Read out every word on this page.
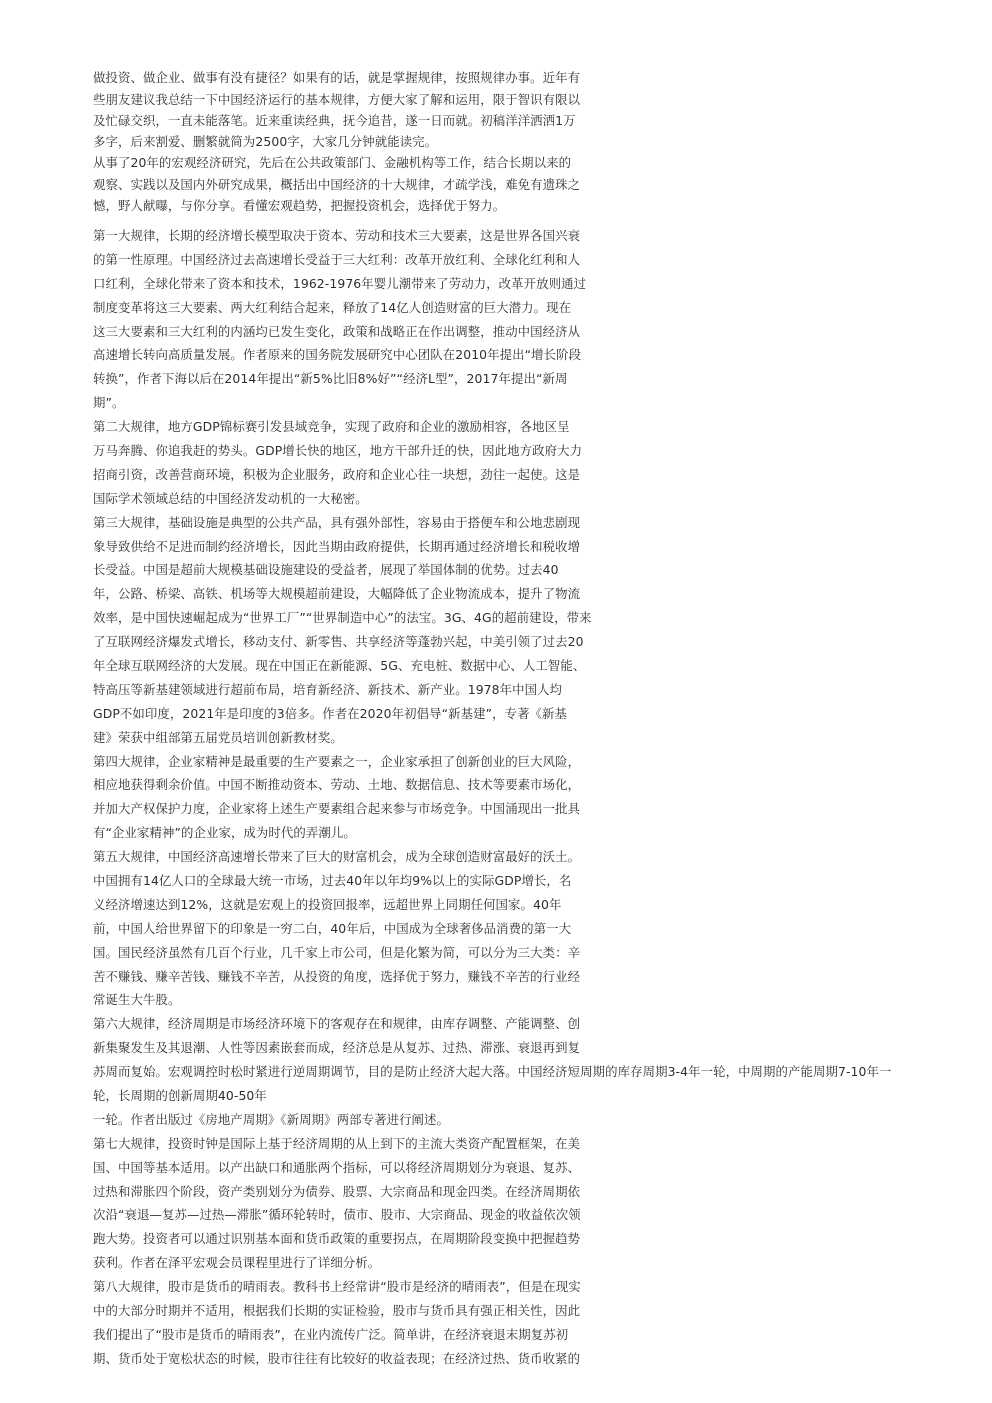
做投资、做企业、做事有没有捷径？如果有的话，就是掌握规律，按照规律办事。近年有
些朋友建议我总结一下中国经济运行的基本规律，方便大家了解和运用，限于智识有限以
及忙碌交织，一直未能落笔。近来重读经典，抚今追昔，遂一日而就。初稿洋洋洒洒1万
多字，后来割爱、删繁就简为2500字，大家几分钟就能读完。
从事了20年的宏观经济研究，先后在公共政策部门、金融机构等工作，结合长期以来的
观察、实践以及国内外研究成果，概括出中国经济的十大规律，才疏学浅，难免有遗珠之
憾，野人献曝，与你分享。看懂宏观趋势，把握投资机会，选择优于努力。
第一大规律，长期的经济增长模型取决于资本、劳动和技术三大要素，这是世界各国兴衰
的第一性原理。中国经济过去高速增长受益于三大红利：改革开放红利、全球化红利和人
口红利，全球化带来了资本和技术，1962-1976年婴儿潮带来了劳动力，改革开放则通过
制度变革将这三大要素、两大红利结合起来，释放了14亿人创造财富的巨大潜力。现在
这三大要素和三大红利的内涵均已发生变化，政策和战略正在作出调整，推动中国经济从
高速增长转向高质量发展。作者原来的国务院发展研究中心团队在2010年提出“增长阶段
转换”，作者下海以后在2014年提出“新5%比旧8%好”“经济L型”，2017年提出“新周
期”。
第二大规律，地方GDP锦标赛引发县域竞争，实现了政府和企业的激励相容，各地区呈
万马奔腾、你追我赶的势头。GDP增长快的地区，地方干部升迁的快，因此地方政府大力
招商引资，改善营商环境，积极为企业服务，政府和企业心往一块想，劲往一起使。这是
国际学术领域总结的中国经济发动机的一大秘密。
第三大规律，基础设施是典型的公共产品，具有强外部性，容易由于搭便车和公地悲剧现
象导致供给不足进而制约经济增长，因此当期由政府提供，长期再通过经济增长和税收增
长受益。中国是超前大规模基础设施建设的受益者，展现了举国体制的优势。过去40
年，公路、桥梁、高铁、机场等大规模超前建设，大幅降低了企业物流成本，提升了物流
效率，是中国快速崛起成为“世界工厂”“世界制造中心”的法宝。3G、4G的超前建设，带来
了互联网经济爆发式增长，移动支付、新零售、共享经济等蓬勃兴起，中美引领了过去20
年全球互联网经济的大发展。现在中国正在新能源、5G、充电桩、数据中心、人工智能、
特高压等新基建领域进行超前布局，培育新经济、新技术、新产业。1978年中国人均
GDP不如印度，2021年是印度的3倍多。作者在2020年初倡导“新基建”，专著《新基
建》荣获中组部第五届党员培训创新教材奖。
第四大规律，企业家精神是最重要的生产要素之一，企业家承担了创新创业的巨大风险，
相应地获得剩余价值。中国不断推动资本、劳动、土地、数据信息、技术等要素市场化，
并加大产权保护力度，企业家将上述生产要素组合起来参与市场竞争。中国涌现出一批具
有“企业家精神”的企业家，成为时代的弄潮儿。
第五大规律，中国经济高速增长带来了巨大的财富机会，成为全球创造财富最好的沃土。
中国拥有14亿人口的全球最大统一市场，过去40年以年均9%以上的实际GDP增长，名
义经济增速达到12%，这就是宏观上的投资回报率，远超世界上同期任何国家。40年
前，中国人给世界留下的印象是一穷二白，40年后，中国成为全球奢侈品消费的第一大
国。国民经济虽然有几百个行业，几千家上市公司，但是化繁为简，可以分为三大类：辛
苦不赚钱、赚辛苦钱、赚钱不辛苦，从投资的角度，选择优于努力，赚钱不辛苦的行业经
常诞生大牛股。
第六大规律，经济周期是市场经济环境下的客观存在和规律，由库存调整、产能调整、创
新集聚发生及其退潮、人性等因素嵌套而成，经济总是从复苏、过热、滞涨、衰退再到复
苏周而复始。宏观调控时松时紧进行逆周期调节，目的是防止经济大起大落。中国经济短周期的库存周期3-4年一轮，中周期的产能周期7-10年一
轮，长周期的创新周期40-50年
一轮。作者出版过《房地产周期》《新周期》两部专著进行阐述。
第七大规律，投资时钟是国际上基于经济周期的从上到下的主流大类资产配置框架，在美
国、中国等基本适用。以产出缺口和通胀两个指标，可以将经济周期划分为衰退、复苏、
过热和滞胀四个阶段，资产类别划分为债券、股票、大宗商品和现金四类。在经济周期依
次沿“衰退—复苏—过热—滞胀”循环轮转时，债市、股市、大宗商品、现金的收益依次领
跑大势。投资者可以通过识别基本面和货币政策的重要拐点，在周期阶段变换中把握趋势
获利。作者在泽平宏观会员课程里进行了详细分析。
第八大规律，股市是货币的晴雨表。教科书上经常讲“股市是经济的晴雨表”，但是在现实
中的大部分时期并不适用，根据我们长期的实证检验，股市与货币具有强正相关性，因此
我们提出了“股市是货币的晴雨表”，在业内流传广泛。简单讲，在经济衰退末期复苏初
期、货币处于宽松状态的时候，股市往往有比较好的收益表现；在经济过热、货币收紧的
